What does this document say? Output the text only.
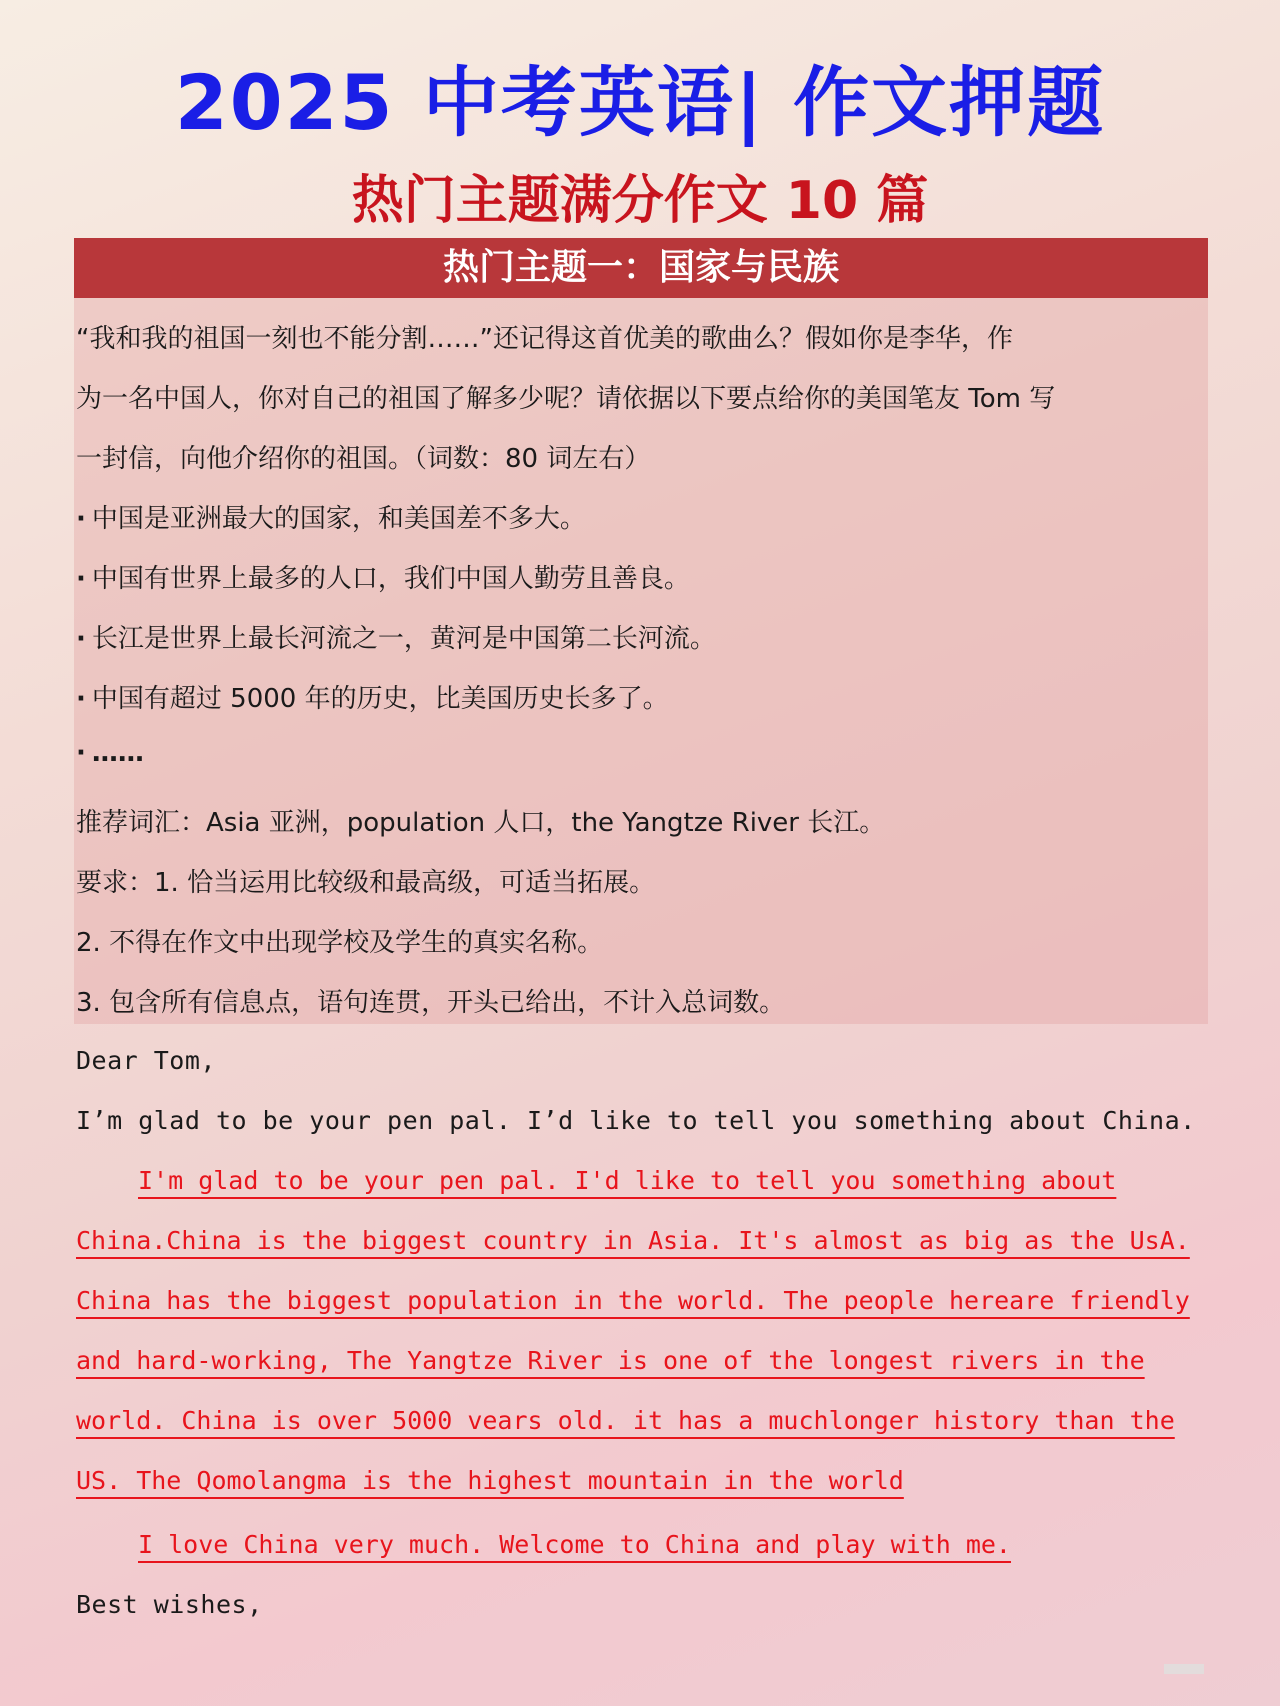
2025 中考英语| 作文押题
热门主题满分作文 10 篇
热门主题一：国家与民族
“我和我的祖国一刻也不能分割……”还记得这首优美的歌曲么？假如你是李华，作
为一名中国人，你对自己的祖国了解多少呢？请依据以下要点给你的美国笔友 Tom 写
一封信，向他介绍你的祖国。（词数：80 词左右）
· 中国是亚洲最大的国家，和美国差不多大。
· 中国有世界上最多的人口，我们中国人勤劳且善良。
· 长江是世界上最长河流之一，黄河是中国第二长河流。
· 中国有超过 5000 年的历史，比美国历史长多了。
· ……
推荐词汇：Asia 亚洲，population 人口，the Yangtze River 长江。
要求：1. 恰当运用比较级和最高级，可适当拓展。
2. 不得在作文中出现学校及学生的真实名称。
3. 包含所有信息点，语句连贯，开头已给出，不计入总词数。
Dear Tom,
I’m glad to be your pen pal. I’d like to tell you something about China.
I'm glad to be your pen pal. I'd like to tell you something about
China.China is the biggest country in Asia. It's almost as big as the UsA.
China has the biggest population in the world. The people hereare friendly
and hard-working, The Yangtze River is one of the longest rivers in the
world. China is over 5000 vears old. it has a muchlonger history than the
US. The Qomolangma is the highest mountain in the world
I love China very much. Welcome to China and play with me.
Best wishes,
